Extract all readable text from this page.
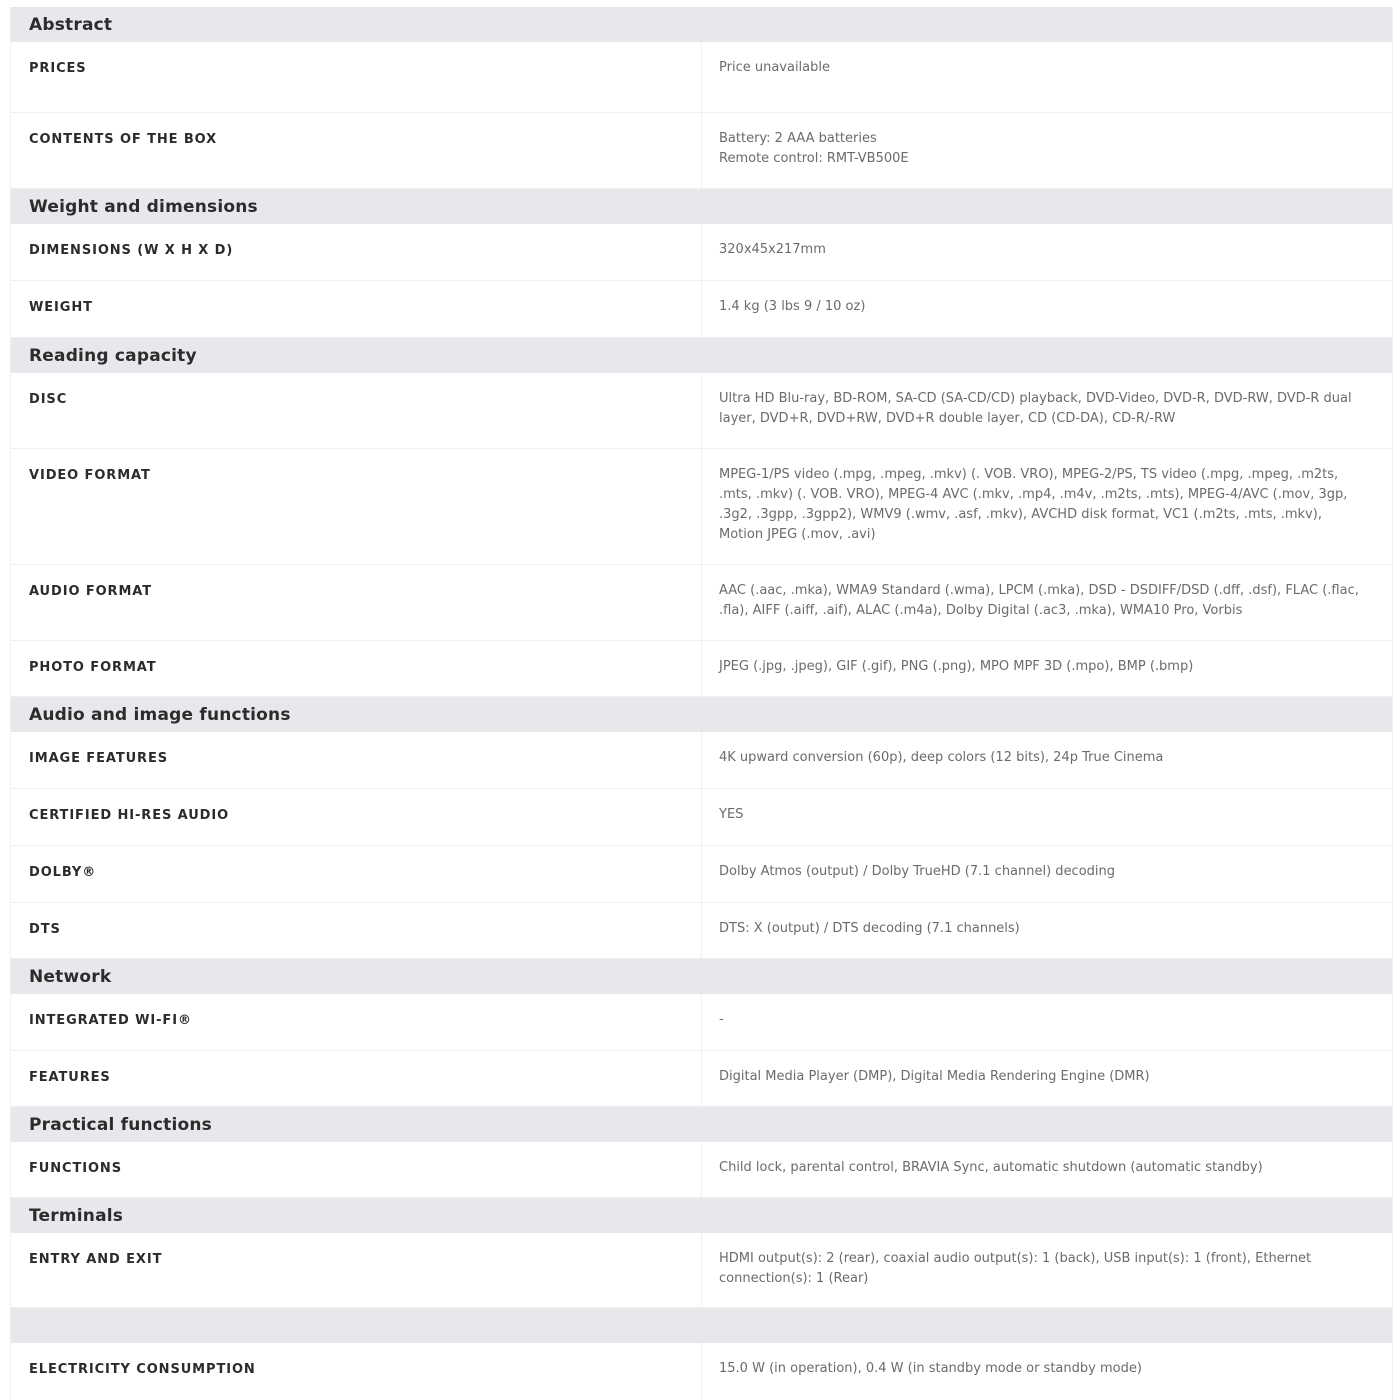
Abstract
PRICES	Price unavailable
CONTENTS OF THE BOX	Battery: 2 AAA batteries
Remote control: RMT-VB500E
Weight and dimensions
DIMENSIONS (W X H X D)	320x45x217mm
WEIGHT	1.4 kg (3 lbs 9 / 10 oz)
Reading capacity
DISC	Ultra HD Blu-ray, BD-ROM, SA-CD (SA-CD/CD) playback, DVD-Video, DVD-R, DVD-RW, DVD-R dual layer, DVD+R, DVD+RW, DVD+R double layer, CD (CD-DA), CD-R/-RW
VIDEO FORMAT	MPEG-1/PS video (.mpg, .mpeg, .mkv) (. VOB. VRO), MPEG-2/PS, TS video (.mpg, .mpeg, .m2ts, .mts, .mkv) (. VOB. VRO), MPEG-4 AVC (.mkv, .mp4, .m4v, .m2ts, .mts), MPEG-4/AVC (.mov, 3gp, .3g2, .3gpp, .3gpp2), WMV9 (.wmv, .asf, .mkv), AVCHD disk format, VC1 (.m2ts, .mts, .mkv), Motion JPEG (.mov, .avi)
AUDIO FORMAT	AAC (.aac, .mka), WMA9 Standard (.wma), LPCM (.mka), DSD - DSDIFF/DSD (.dff, .dsf), FLAC (.flac, .fla), AIFF (.aiff, .aif), ALAC (.m4a), Dolby Digital (.ac3, .mka), WMA10 Pro, Vorbis
PHOTO FORMAT	JPEG (.jpg, .jpeg), GIF (.gif), PNG (.png), MPO MPF 3D (.mpo), BMP (.bmp)
Audio and image functions
IMAGE FEATURES	4K upward conversion (60p), deep colors (12 bits), 24p True Cinema
CERTIFIED HI-RES AUDIO	YES
DOLBY®	Dolby Atmos (output) / Dolby TrueHD (7.1 channel) decoding
DTS	DTS: X (output) / DTS decoding (7.1 channels)
Network
INTEGRATED WI-FI®	-
FEATURES	Digital Media Player (DMP), Digital Media Rendering Engine (DMR)
Practical functions
FUNCTIONS	Child lock, parental control, BRAVIA Sync, automatic shutdown (automatic standby)
Terminals
ENTRY AND EXIT	HDMI output(s): 2 (rear), coaxial audio output(s): 1 (back), USB input(s): 1 (front), Ethernet connection(s): 1 (Rear)
ELECTRICITY CONSUMPTION	15.0 W (in operation), 0.4 W (in standby mode or standby mode)
